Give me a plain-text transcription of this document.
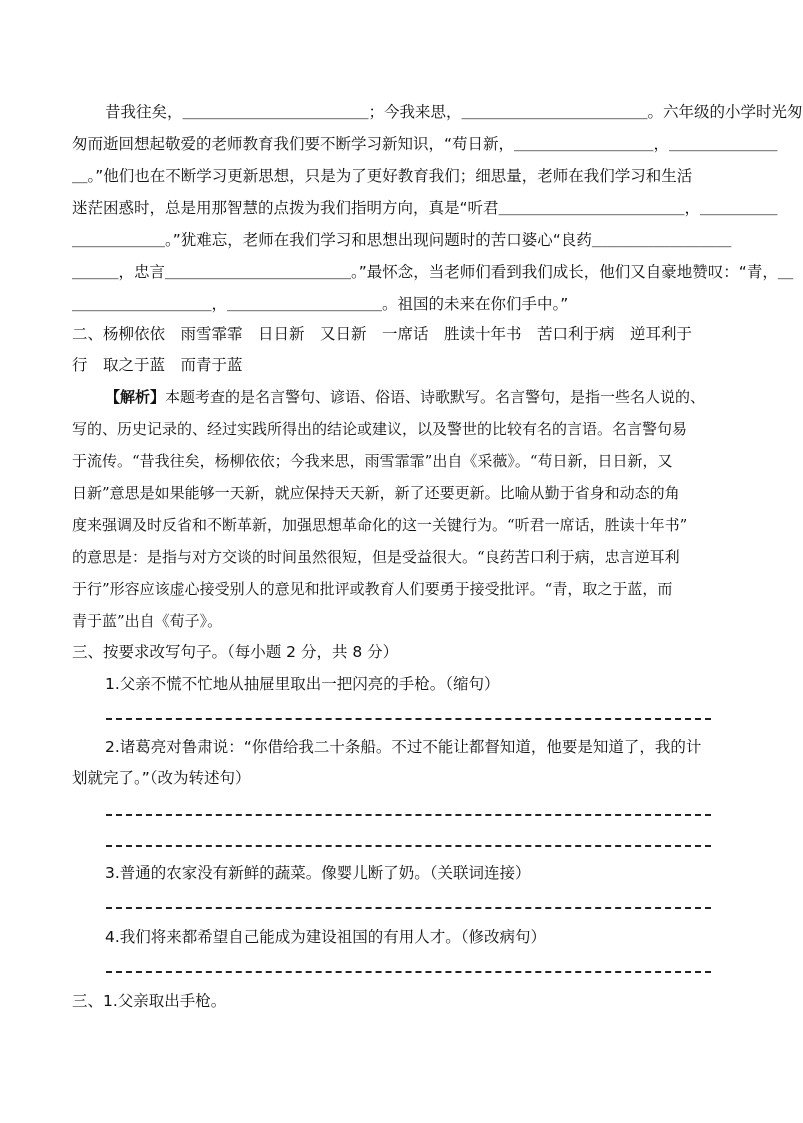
昔我往矣，＿＿＿＿＿＿＿＿＿＿＿＿；今我来思，＿＿＿＿＿＿＿＿＿＿＿＿。六年级的小学时光匆
匆而逝回想起敬爱的老师教育我们要不断学习新知识，“苟日新，＿＿＿＿＿＿＿＿＿，＿＿＿＿＿＿＿
＿。”他们也在不断学习更新思想，只是为了更好教育我们；细思量，老师在我们学习和生活
迷茫困惑时，总是用那智慧的点拨为我们指明方向，真是“听君＿＿＿＿＿＿＿＿＿＿＿＿，＿＿＿＿＿
＿＿＿＿＿＿。”犹难忘，老师在我们学习和思想出现问题时的苦口婆心“良药＿＿＿＿＿＿＿＿＿
＿＿＿，忠言＿＿＿＿＿＿＿＿＿＿＿＿。”最怀念，当老师们看到我们成长，他们又自豪地赞叹：“青，＿
＿＿＿＿＿＿＿＿＿，＿＿＿＿＿＿＿＿＿＿。祖国的未来在你们手中。”
二、杨柳依依　雨雪霏霏　日日新　又日新　一席话　胜读十年书　苦口利于病　逆耳利于
行　取之于蓝　而青于蓝
【解析】本题考查的是名言警句、谚语、俗语、诗歌默写。名言警句，是指一些名人说的、
写的、历史记录的、经过实践所得出的结论或建议，以及警世的比较有名的言语。名言警句易
于流传。“昔我往矣，杨柳依依；今我来思，雨雪霏霏”出自《采薇》。“苟日新，日日新，又
日新”意思是如果能够一天新，就应保持天天新，新了还要更新。比喻从勤于省身和动态的角
度来强调及时反省和不断革新，加强思想革命化的这一关键行为。“听君一席话，胜读十年书”
的意思是：是指与对方交谈的时间虽然很短，但是受益很大。“良药苦口利于病，忠言逆耳利
于行”形容应该虚心接受别人的意见和批评或教育人们要勇于接受批评。“青，取之于蓝，而
青于蓝”出自《荀子》。
三、按要求改写句子。（每小题 2 分，共 8 分）
1.父亲不慌不忙地从抽屉里取出一把闪亮的手枪。（缩句）
2.诸葛亮对鲁肃说：“你借给我二十条船。不过不能让都督知道，他要是知道了，我的计
划就完了。”（改为转述句）
3.普通的农家没有新鲜的蔬菜。像婴儿断了奶。（关联词连接）
4.我们将来都希望自己能成为建设祖国的有用人才。（修改病句）
三、1.父亲取出手枪。
